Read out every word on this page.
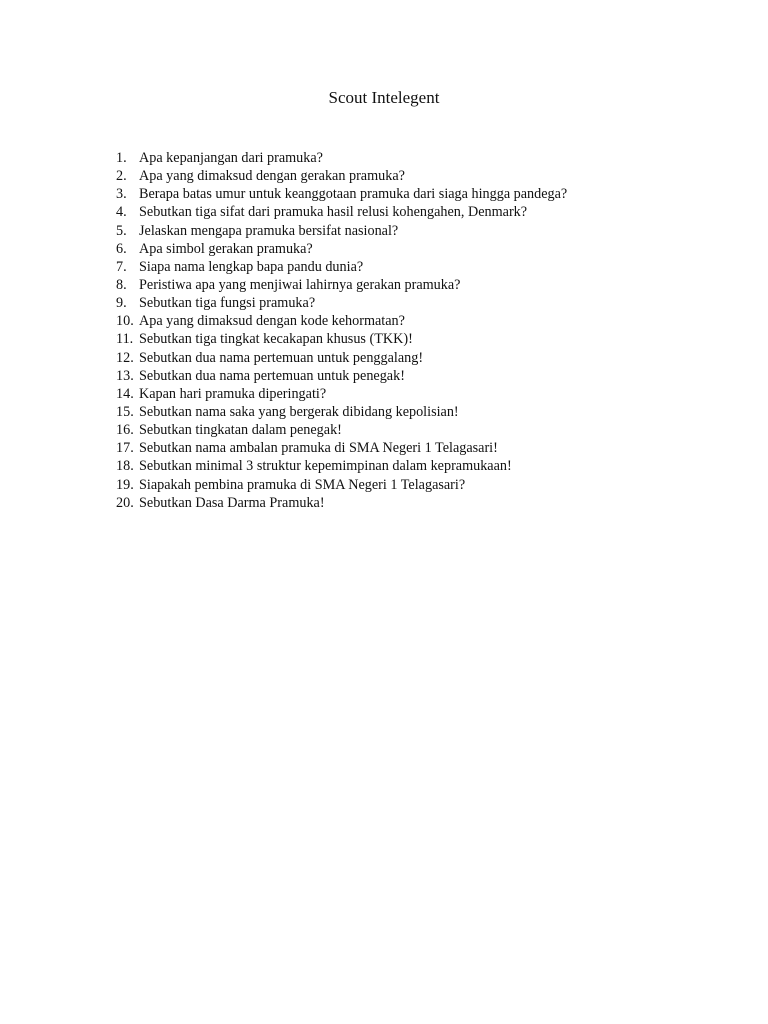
Scout Intelegent
1. Apa kepanjangan dari pramuka?
2. Apa yang dimaksud dengan gerakan pramuka?
3. Berapa batas umur untuk keanggotaan pramuka dari siaga hingga pandega?
4. Sebutkan tiga sifat dari pramuka hasil relusi kohengahen, Denmark?
5. Jelaskan mengapa pramuka bersifat nasional?
6. Apa simbol gerakan pramuka?
7. Siapa nama lengkap bapa pandu dunia?
8. Peristiwa apa yang menjiwai lahirnya gerakan pramuka?
9. Sebutkan tiga fungsi pramuka?
10. Apa yang dimaksud dengan kode kehormatan?
11. Sebutkan tiga tingkat kecakapan khusus (TKK)!
12. Sebutkan dua nama pertemuan untuk penggalang!
13. Sebutkan dua nama pertemuan untuk penegak!
14. Kapan hari pramuka diperingati?
15. Sebutkan nama saka yang bergerak dibidang kepolisian!
16. Sebutkan tingkatan dalam penegak!
17. Sebutkan nama ambalan pramuka di SMA Negeri 1 Telagasari!
18. Sebutkan minimal 3 struktur kepemimpinan dalam kepramukaan!
19. Siapakah pembina pramuka di SMA Negeri 1 Telagasari?
20. Sebutkan Dasa Darma Pramuka!
